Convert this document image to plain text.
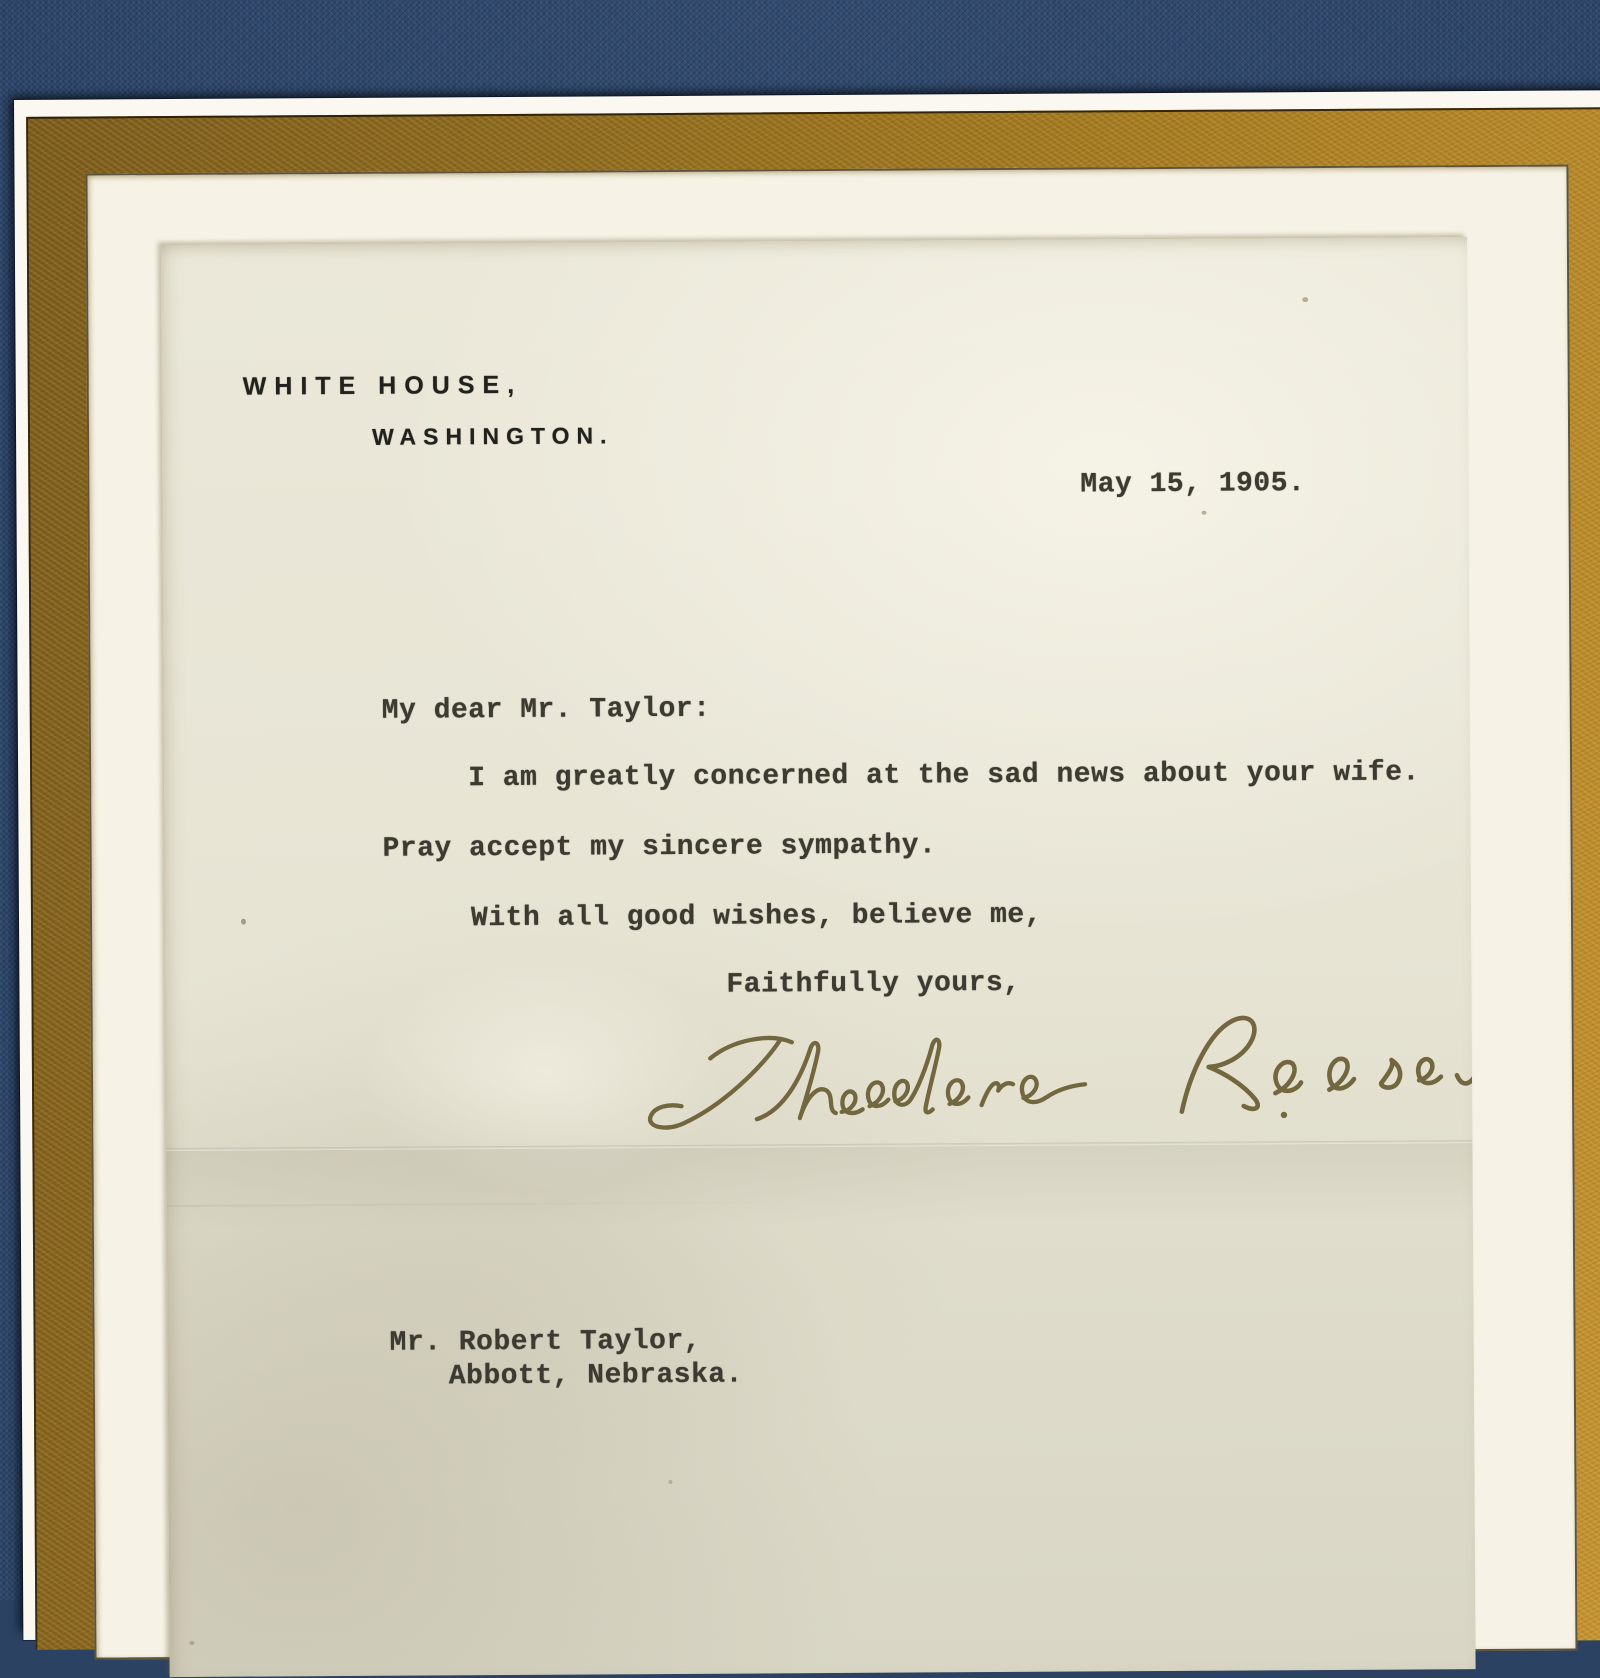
WHITE HOUSE,
WASHINGTON.
May 15, 1905.
My dear Mr. Taylor:
I am greatly concerned at the sad news about your wife.
Pray accept my sincere sympathy.
With all good wishes, believe me,
Faithfully yours,
Mr. Robert Taylor,
Abbott, Nebraska.
